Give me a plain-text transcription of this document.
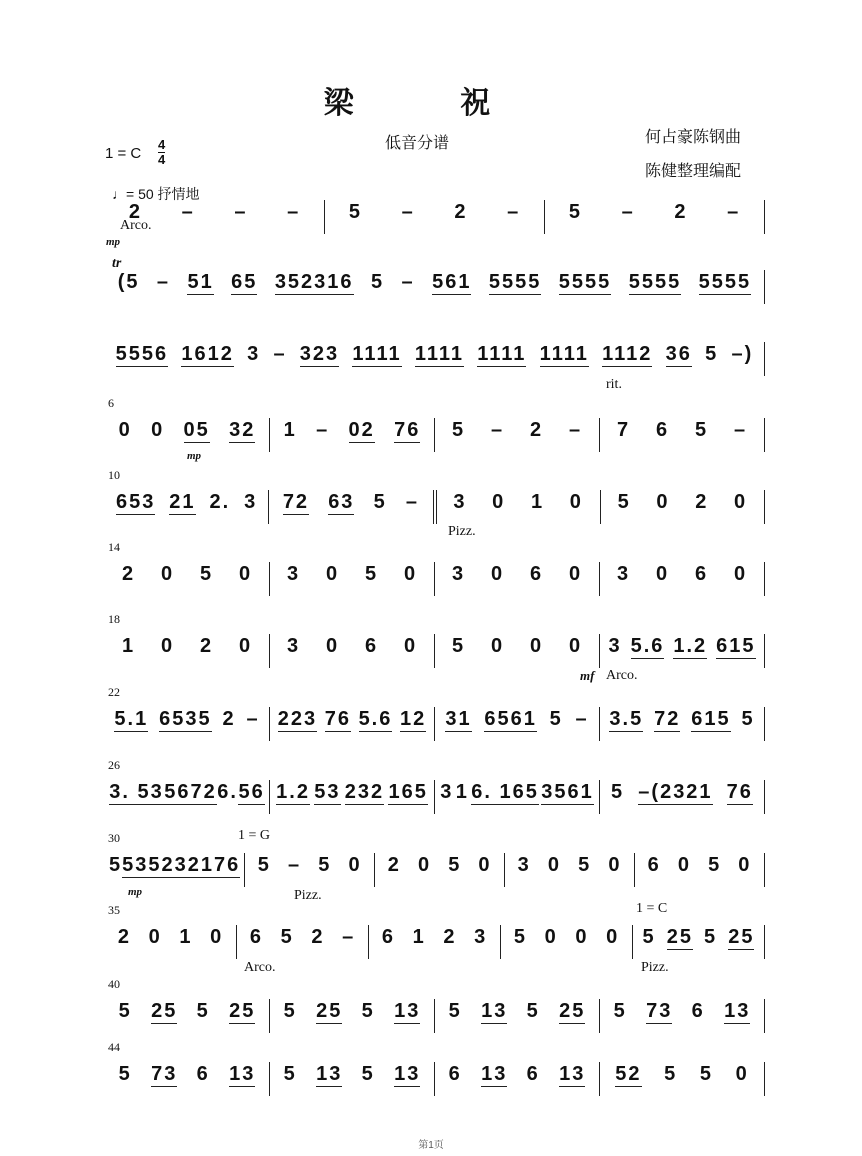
梁 祝
低音分谱	何占豪陈钢曲
陈健整理编配
1 = C
4
4
♩= 50 抒情地
2 – – – 5 – 2 – 5 – 2 –
(5 – 51 65 352316 5 – 561 5555 5555 5555 5555
5556 1612 3 – 323 1111 1111 1111 1111 1112 36 5 –)
6
0 0 05 32 1 – 02 76 5 – 2 – 7 6 5 –
10
653 21 2. 3 72 63 5 – 3 0 1 0 5 0 2 0
14
2 0 5 0 3 0 5 0 3 0 6 0 3 0 6 0
18
1 0 2 0 3 0 6 0 5 0 0 0 3 5.6 1.2 615
22
5.1 6535 2 – 223 76 5.6 12 31 6561 5 – 3.5 72 615 5
26
3. 53 5672 6. 56 1.2 53 232 165 3 1 6. 165 3561 5 –(2321 76
30
5 535232176 5 – 5 0 2 0 5 0 3 0 5 0 6 0 5 0
35
2 0 1 0 6 5 2 – 6 1 2 3 5 0 0 0 5 25 5 25
40
5 25 5 25 5 25 5 13 5 13 5 25 5 73 6 13
44
5 73 6 13 5 13 5 13 6 13 6 13 52 5 5 0
Arco.
mp
tr
rit.
mp
Pizz.
mf Arco.
1 = G
mp	Pizz.
1 = C
Arco.	Pizz.
第1页
